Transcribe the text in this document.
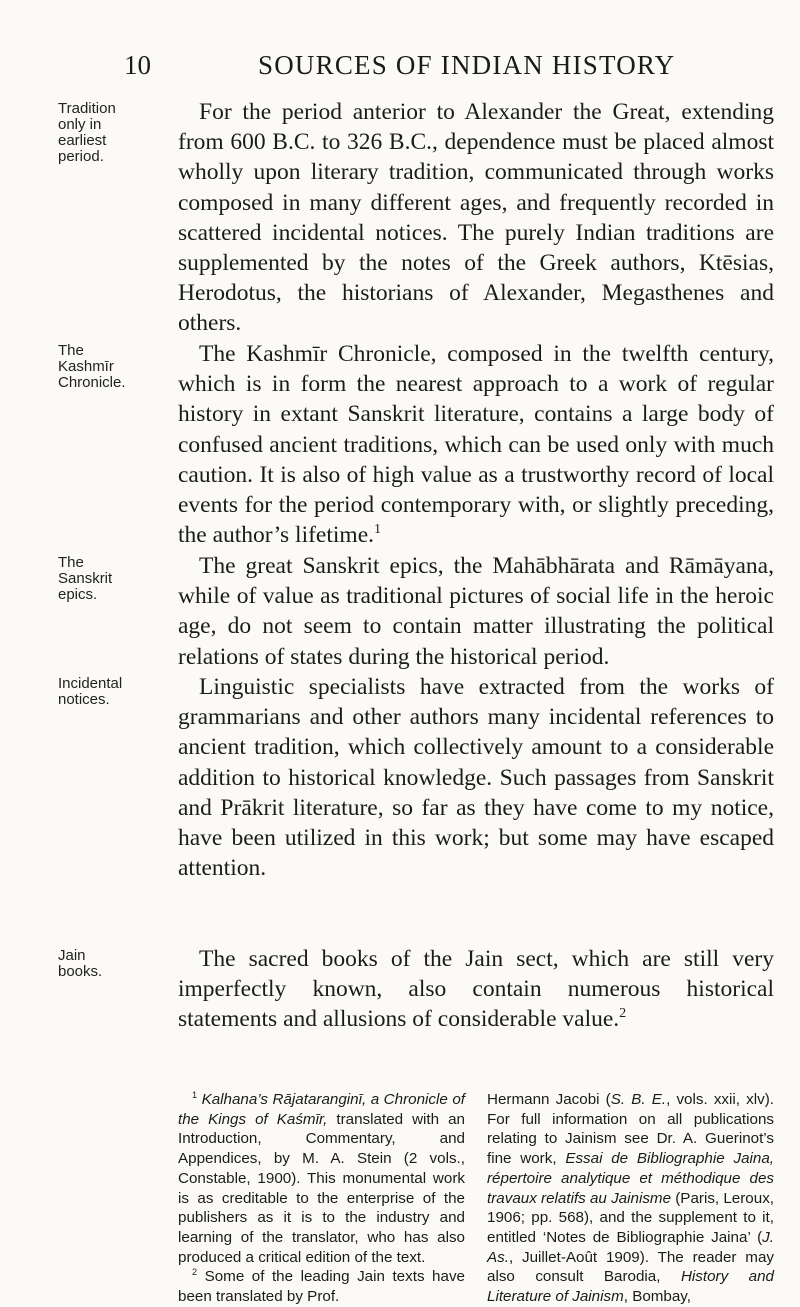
10	SOURCES OF INDIAN HISTORY
Tradition only in earliest period.

For the period anterior to Alexander the Great, extending from 600 B.C. to 326 B.C., dependence must be placed almost wholly upon literary tradition, communicated through works composed in many different ages, and frequently recorded in scattered incidental notices. The purely Indian traditions are supplemented by the notes of the Greek authors, Ktēsias, Herodotus, the historians of Alexander, Megasthenes and others.

The Kashmīr Chronicle.

The Kashmīr Chronicle, composed in the twelfth century, which is in form the nearest approach to a work of regular history in extant Sanskrit literature, contains a large body of confused ancient traditions, which can be used only with much caution. It is also of high value as a trustworthy record of local events for the period contemporary with, or slightly preceding, the author’s lifetime.$^1$

The Sanskrit epics.

The great Sanskrit epics, the Mahābhārata and Rāmāyana, while of value as traditional pictures of social life in the heroic age, do not seem to contain matter illustrating the political relations of states during the historical period.

Incidental notices.	Linguistic specialists have extracted from the works of grammarians and other authors many incidental references to ancient tradition, which collectively amount to a considerable addition to historical knowledge. Such passages from Sanskrit and Prākrit literature, so far as they have come to my notice, have been utilized in this work; but some may have escaped attention.

Jain books.	The sacred books of the Jain sect, which are still very imperfectly known, also contain numerous historical statements and allusions of considerable value.$^2$

$^1$ Kalhana’s Rājataranginī, a Chronicle of the Kings of Kaśmīr, translated with an Introduction, Commentary, and Appendices, by M. A. Stein (2 vols., Constable, 1900). This monumental work is as creditable to the enterprise of the publishers as it is to the industry and learning of the translator, who has also produced a critical edition of the text.

$^2$ Some of the leading Jain texts have been translated by Prof.

Hermann Jacobi (S. B. E., vols. xxii, xlv). For full information on all publications relating to Jainism see Dr. A. Guerinot’s fine work, Essai de Bibliographie Jaina, répertoire analytique et méthodique des travaux relatifs au Jainisme (Paris, Leroux, 1906; pp. 568), and the supplement to it, entitled ‘Notes de Bibliographie Jaina’ (J. As., Juillet-Août 1909). The reader may also consult Barodia, History and Literature of Jainism, Bombay,
